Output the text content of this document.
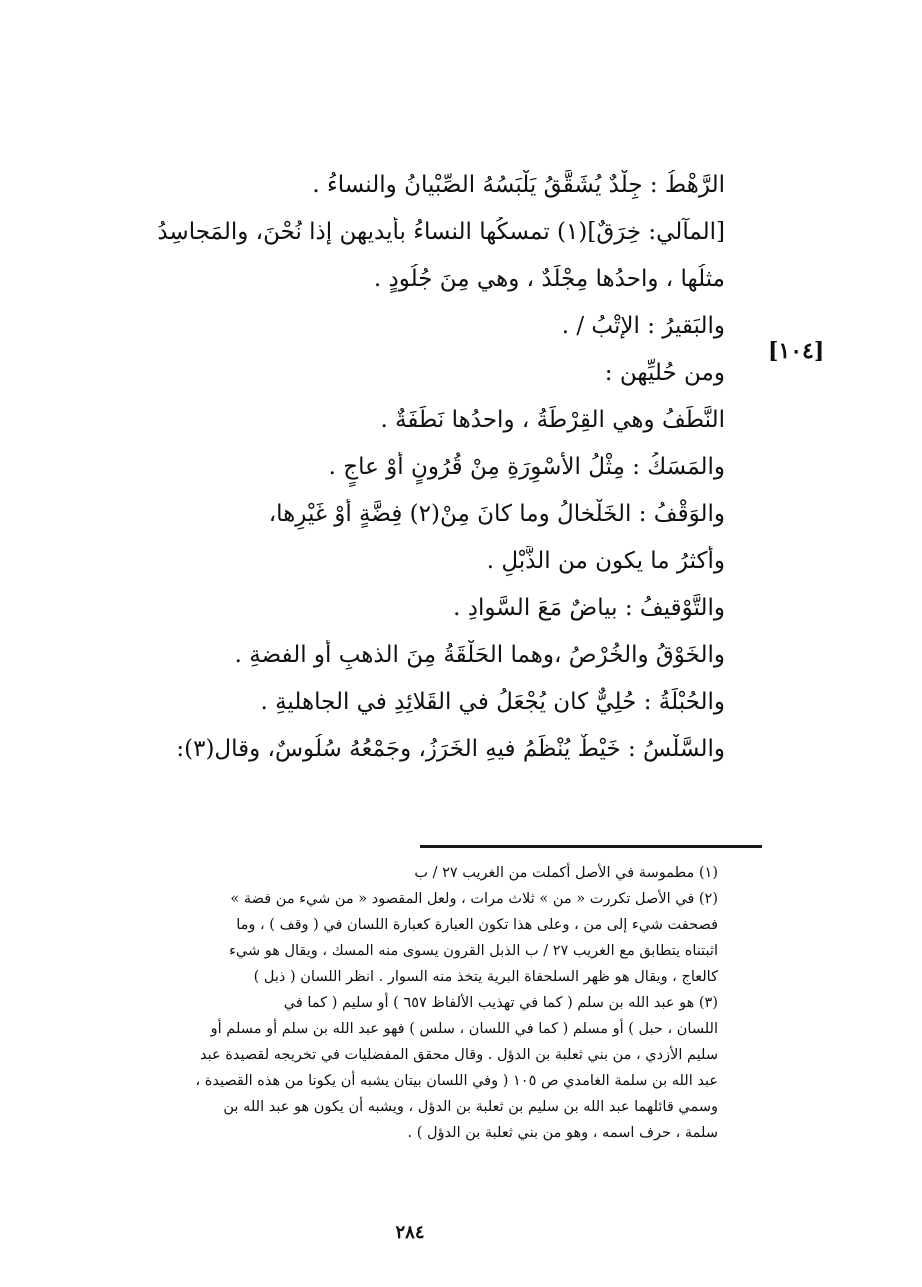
الرَّهْطُ : جِلْدٌ يُشَقَّقُ يَلْبَسُهُ الصِّبْيانُ والنساءُ .
[المآلي: خِرَقٌ](١) تمسكُها النساءُ بأيديهن إذا نُحْنَ، والمَجاسِدُ
مثلُها ، واحدُها مِجْلَدٌ ، وهي مِنَ جُلُودٍ .
والبَقيرُ : الإتْبُ / .
ومن حُليِّهن :
النَّطَفُ وهي القِرْطَةُ ، واحدُها نَطَفَةٌ .
والمَسَكُ : مِثْلُ الأسْوِرَةِ مِنْ قُرُونٍ أوْ عاجٍ .
والوَقْفُ : الخَلْخالُ وما كانَ مِنْ(٢) فِضَّةٍ أوْ غَيْرِها،
وأكثرُ ما يكون من الذَّبْلِ .
والتَّوْقيفُ : بياضٌ مَعَ السَّوادِ .
والخَوْقُ والخُرْصُ ،وهما الحَلْقَةُ مِنَ الذهبِ أو الفضةِ .
والحُبْلَةُ : حُلِيٌّ كان يُجْعَلُ في القَلائِدِ في الجاهليةِ .
والسَّلْسُ : خَيْطٌ يُنْظَمُ فيهِ الخَرَزُ، وجَمْعُهُ سُلُوسٌ، وقال(٣):
[١٠٤]
(١) مطموسة في الأصل أكملت من الغريب ٢٧ / ب
(٢) في الأصل تكررت « من » ثلاث مرات ، ولعل المقصود « من شيء من فضة »
فصحفت شيء إلى من ، وعلى هذا تكون العبارة كعبارة اللسان في ( وقف ) ، وما
اثبتناه يتطابق مع الغريب ٢٧ / ب الذبل القرون يسوى منه المسك ، ويقال هو شيء
كالعاج ، ويقال هو ظهر السلحفاة البرية يتخذ منه السوار . انظر اللسان ( ذبل )
(٣) هو عبد الله بن سلم ( كما في تهذيب الألفاظ ٦٥٧ ) أو سليم ( كما في
اللسان ، حبل ) أو مسلم ( كما في اللسان ، سلس ) فهو عبد الله بن سلم أو مسلم أو
سليم الأزدي ، من بني ثعلبة بن الدؤل . وقال محقق المفضليات في تخريجه لقصيدة عبد
عبد الله بن سلمة الغامدي ص ١٠٥ ( وفي اللسان بيتان يشبه أن يكونا من هذه القصيدة ،
وسمي قائلهما عبد الله بن سليم بن ثعلبة بن الدؤل ، ويشبه أن يكون هو عبد الله بن
سلمة ، حرف اسمه ، وهو من بني ثعلبة بن الدؤل ) .
٢٨٤
